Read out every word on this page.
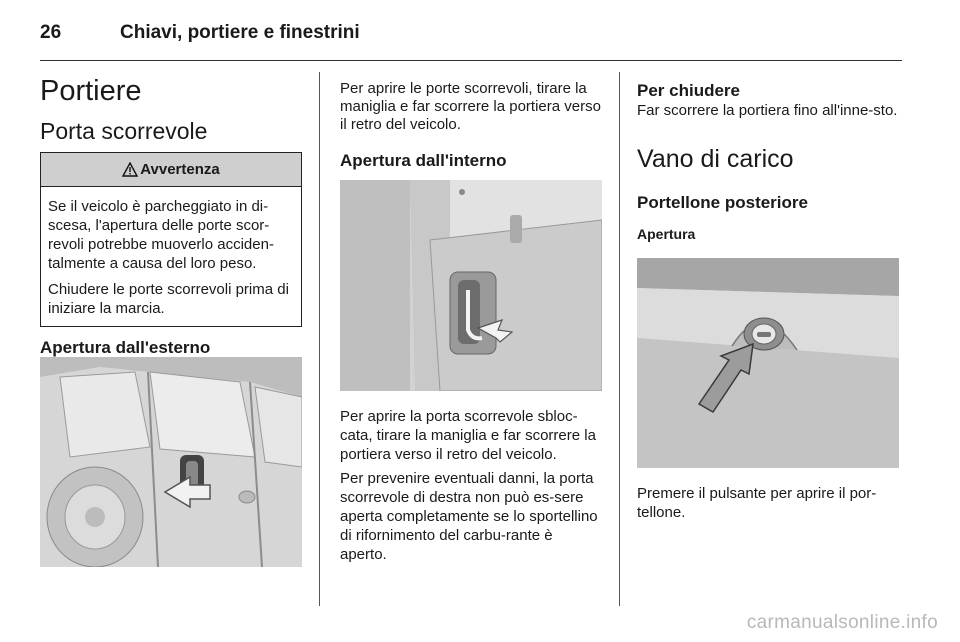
26	Chiavi, portiere e finestrini
Portiere
Porta scorrevole
Avvertenza

Se il veicolo è parcheggiato in di-scesa, l'apertura delle porte scor-revoli potrebbe muoverlo acciden-talmente a causa del loro peso.

Chiudere le porte scorrevoli prima di iniziare la marcia.

Apertura dall'esterno

Per aprire le porte scorrevoli, tirare la maniglia e far scorrere la portiera verso il retro del veicolo.

Apertura dall'interno

Per aprire la porta scorrevole sbloc-cata, tirare la maniglia e far scorrere la portiera verso il retro del veicolo.

Per prevenire eventuali danni, la porta scorrevole di destra non può es-sere aperta completamente se lo sportellino di rifornimento del carbu-rante è aperto.

Per chiudere

Far scorrere la portiera fino all'inne-sto.

Vano di carico
Portellone posteriore
Apertura

Premere il pulsante per aprire il por-tellone.

carmanualsonline.info
